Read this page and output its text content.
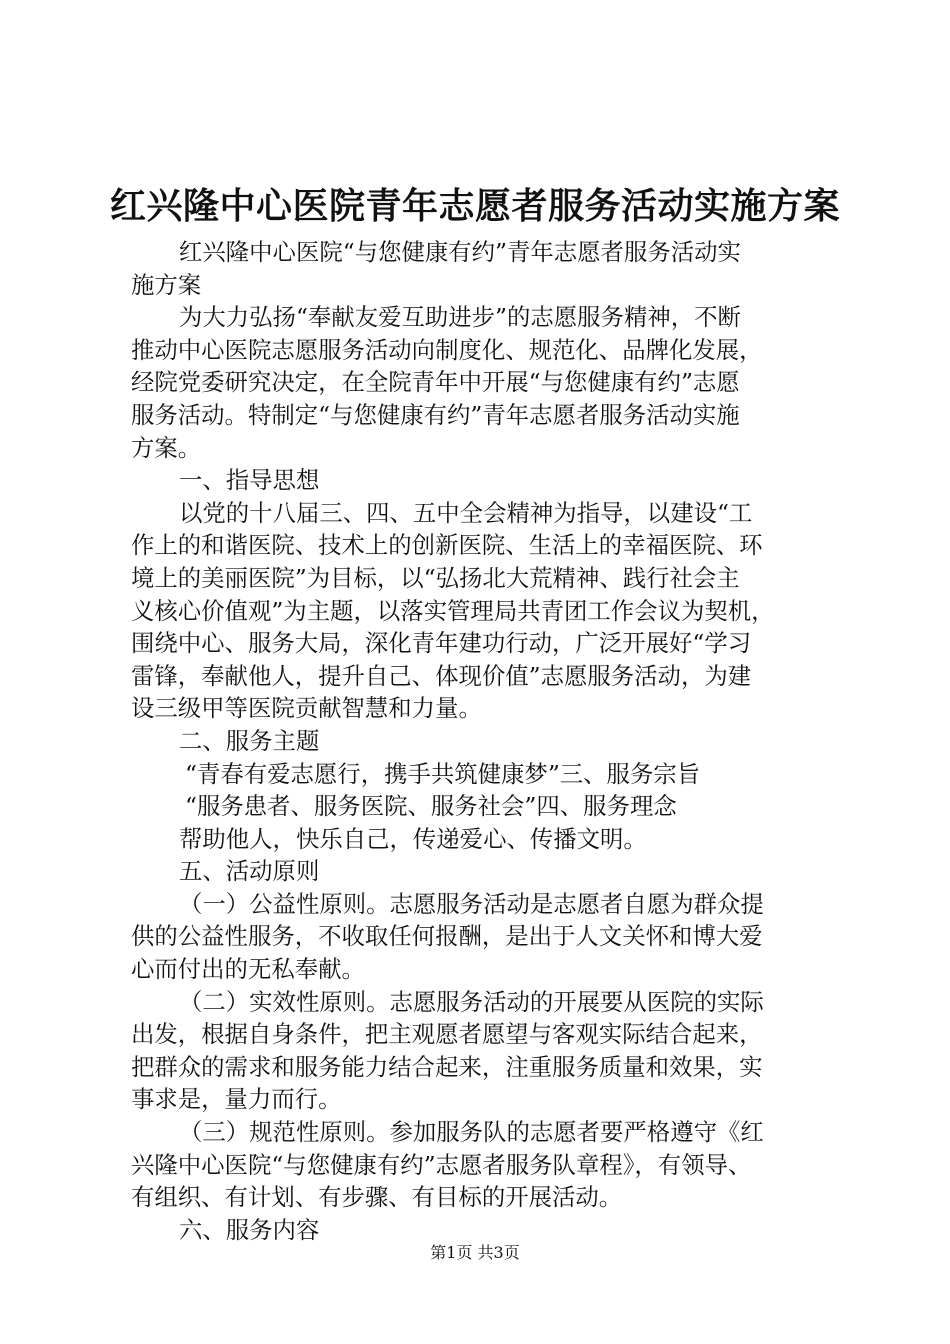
红兴隆中心医院青年志愿者服务活动实施方案

红兴隆中心医院“与您健康有约”青年志愿者服务活动实
施方案

为大力弘扬“奉献友爱互助进步”的志愿服务精神，不断
推动中心医院志愿服务活动向制度化、规范化、品牌化发展，
经院党委研究决定，在全院青年中开展“与您健康有约”志愿
服务活动。特制定“与您健康有约”青年志愿者服务活动实施
方案。

一、指导思想

以党的十八届三、四、五中全会精神为指导，以建设“工
作上的和谐医院、技术上的创新医院、生活上的幸福医院、环
境上的美丽医院”为目标，以“弘扬北大荒精神、践行社会主
义核心价值观”为主题，以落实管理局共青团工作会议为契机，
围绕中心、服务大局，深化青年建功行动，广泛开展好“学习
雷锋，奉献他人，提升自己、体现价值”志愿服务活动，为建
设三级甲等医院贡献智慧和力量。

二、服务主题

“青春有爱志愿行，携手共筑健康梦”三、服务宗旨

“服务患者、服务医院、服务社会”四、服务理念

帮助他人，快乐自己，传递爱心、传播文明。

五、活动原则

（一）公益性原则。志愿服务活动是志愿者自愿为群众提
供的公益性服务，不收取任何报酬，是出于人文关怀和博大爱
心而付出的无私奉献。

（二）实效性原则。志愿服务活动的开展要从医院的实际
出发，根据自身条件，把主观愿者愿望与客观实际结合起来，
把群众的需求和服务能力结合起来，注重服务质量和效果，实
事求是，量力而行。

（三）规范性原则。参加服务队的志愿者要严格遵守《红
兴隆中心医院“与您健康有约”志愿者服务队章程》，有领导、
有组织、有计划、有步骤、有目标的开展活动。

六、服务内容

第1页 共3页
